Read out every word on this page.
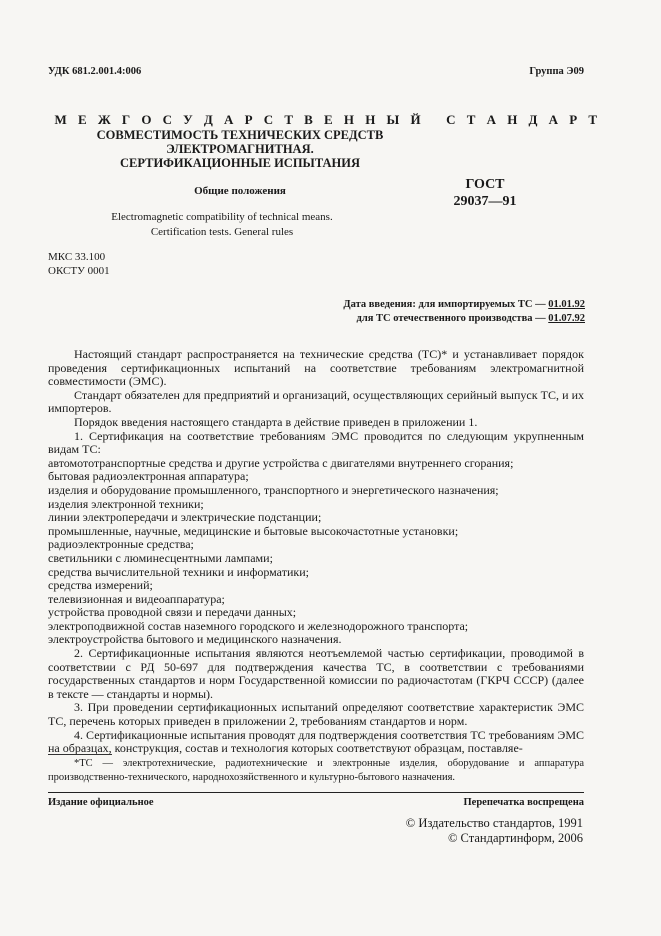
УДК 681.2.001.4:006	Группа Э09

М Е Ж Г О С У Д А Р С Т В Е Н Н Ы Й   С Т А Н Д А Р Т

СОВМЕСТИМОСТЬ ТЕХНИЧЕСКИХ СРЕДСТВ
ЭЛЕКТРОМАГНИТНАЯ.
СЕРТИФИКАЦИОННЫЕ ИСПЫТАНИЯ
Общие положения
Electromagnetic compatibility of technical means.
Certification tests. General rules
ГОСТ
29037—91
МКС 33.100
ОКСТУ 0001
Дата введения: для импортируемых ТС — 01.01.92
для ТС отечественного производства — 01.07.92

Настоящий стандарт распространяется на технические средства (ТС)* и устанавливает порядок проведения сертификационных испытаний на соответствие требованиям электромагнитной совместимости (ЭМС).

Стандарт обязателен для предприятий и организаций, осуществляющих серийный выпуск ТС, и их импортеров.

Порядок введения настоящего стандарта в действие приведен в приложении 1.

1. Сертификация на соответствие требованиям ЭМС проводится по следующим укрупненным видам ТС:

автомототранспортные средства и другие устройства с двигателями внутреннего сгорания;

бытовая радиоэлектронная аппаратура;

изделия и оборудование промышленного, транспортного и энергетического назначения;

изделия электронной техники;

линии электропередачи и электрические подстанции;

промышленные, научные, медицинские и бытовые высокочастотные установки;

радиоэлектронные средства;

светильники с люминесцентными лампами;

средства вычислительной техники и информатики;

средства измерений;

телевизионная и видеоаппаратура;

устройства проводной связи и передачи данных;

электроподвижной состав наземного городского и железнодорожного транспорта;

электроустройства бытового и медицинского назначения.

2. Сертификационные испытания являются неотъемлемой частью сертификации, проводимой в соответствии с РД 50-697 для подтверждения качества ТС, в соответствии с требованиями государственных стандартов и норм Государственной комиссии по радиочастотам (ГКРЧ СССР) (далее в тексте — стандарты и нормы).

3. При проведении сертификационных испытаний определяют соответствие характеристик ЭМС ТС, перечень которых приведен в приложении 2, требованиям стандартов и норм.

4. Сертификационные испытания проводят для подтверждения соответствия ТС требованиям ЭМС на образцах, конструкция, состав и технология которых соответствуют образцам, поставляе-

*ТС — электротехнические, радиотехнические и электронные изделия, оборудование и аппаратура производственно-технического, народнохозяйственного и культурно-бытового назначения.

Издание официальное	Перепечатка воспрещена
© Издательство стандартов, 1991
© Стандартинформ, 2006
